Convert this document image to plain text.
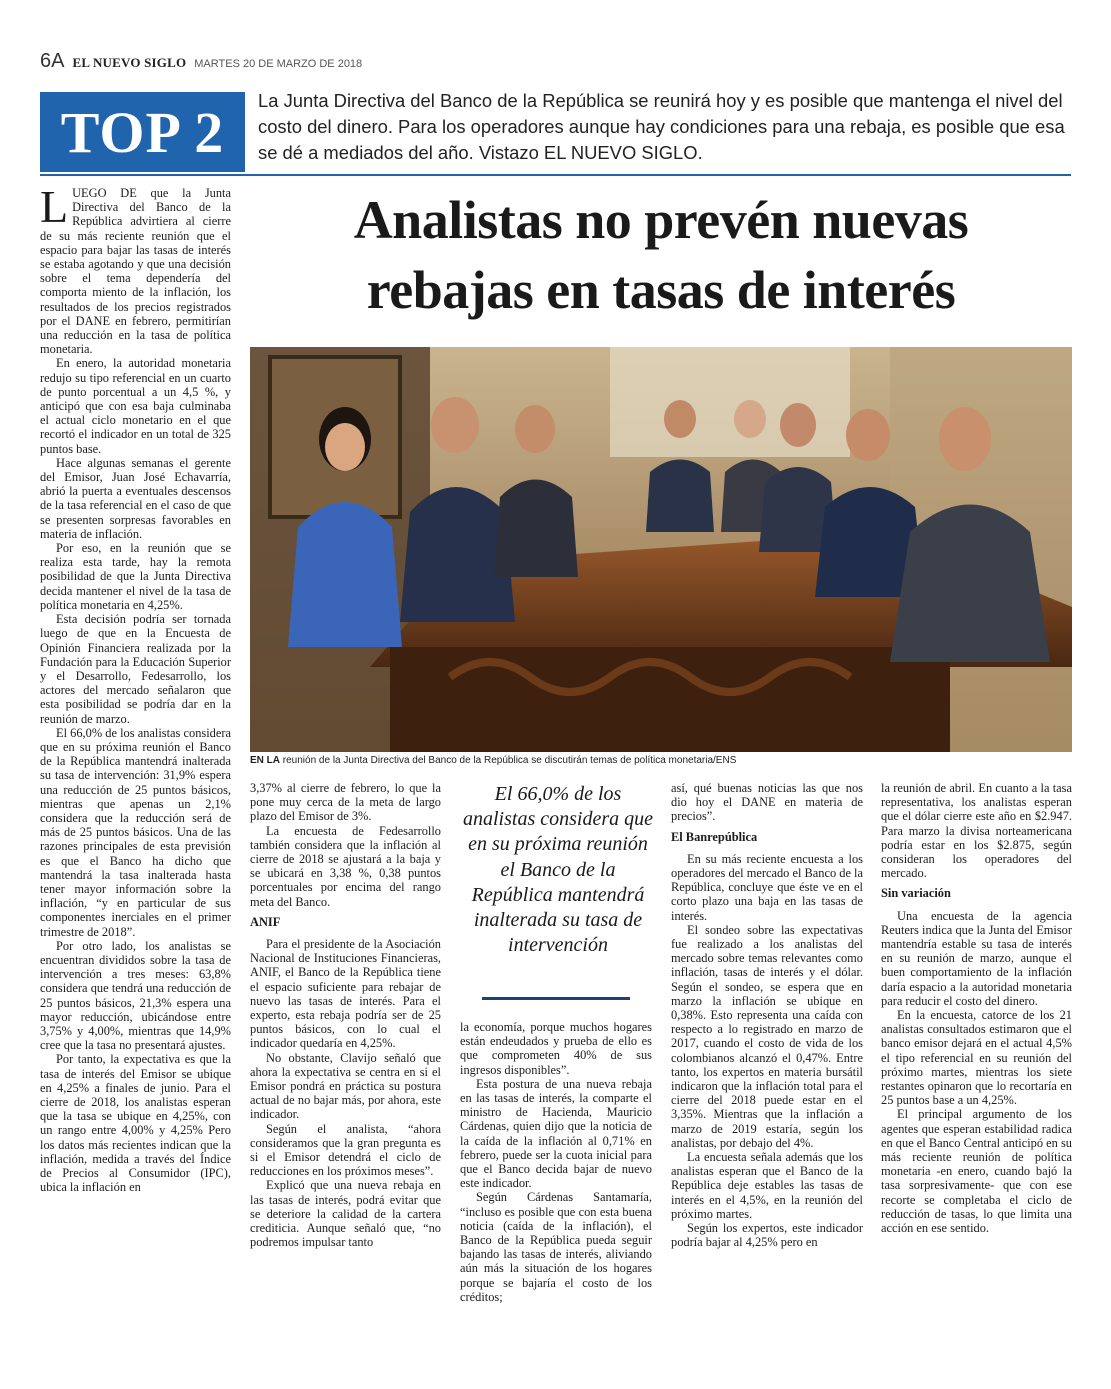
6A EL NUEVO SIGLO MARTES 20 DE MARZO DE 2018
TOP 2 La Junta Directiva del Banco de la República se reunirá hoy y es posible que mantenga el nivel del costo del dinero. Para los operadores aunque hay condiciones para una rebaja, es posible que esa se dé a mediados del año. Vistazo EL NUEVO SIGLO.
Analistas no prevén nuevas
rebajas en tasas de interés
EN LA reunión de la Junta Directiva del Banco de la República se discutirán temas de política monetaria/ENS
L UEGO DE que la Junta Directiva del Banco de la República advirtiera al cierre de su más reciente reunión que el espacio para bajar las tasas de interés se estaba agotando y que una decisión sobre el tema dependería del comporta miento de la inflación, los resultados de los precios registrados por el DANE en febrero, permitirían una reducción en la tasa de política monetaria.

En enero, la autoridad monetaria redujo su tipo referencial en un cuarto de punto porcentual a un 4,5 %, y anticipó que con esa baja culminaba el actual ciclo monetario en el que recortó el indicador en un total de 325 puntos base.

Hace algunas semanas el gerente del Emisor, Juan José Echavarría, abrió la puerta a eventuales descensos de la tasa referencial en el caso de que se presenten sorpresas favorables en materia de inflación.

Por eso, en la reunión que se realiza esta tarde, hay la remota posibilidad de que la Junta Directiva decida mantener el nivel de la tasa de política monetaria en 4,25%.

Esta decisión podría ser tornada luego de que en la Encuesta de Opinión Financiera realizada por la Fundación para la Educación Superior y el Desarrollo, Fedesarrollo, los actores del mercado señalaron que esta posibilidad se podría dar en la reunión de marzo.

El 66,0% de los analistas considera que en su próxima reunión el Banco de la República mantendrá inalterada su tasa de intervención: 31,9% espera una reducción de 25 puntos básicos, mientras que apenas un 2,1% considera que la reducción será de más de 25 puntos básicos. Una de las razones principales de esta previsión es que el Banco ha dicho que mantendrá la tasa inalterada hasta tener mayor información sobre la inflación, “y en particular de sus componentes inerciales en el primer trimestre de 2018”.

Por otro lado, los analistas se encuentran divididos sobre la tasa de intervención a tres meses: 63,8% considera que tendrá una reducción de 25 puntos básicos, 21,3% espera una mayor reducción, ubicándose entre 3,75% y 4,00%, mientras que 14,9% cree que la tasa no presentará ajustes.

Por tanto, la expectativa es que la tasa de interés del Emisor se ubique en 4,25% a finales de junio. Para el cierre de 2018, los analistas esperan que la tasa se ubique en 4,25%, con un rango entre 4,00% y 4,25% Pero los datos más recientes indican que la inflación, medida a través del Índice de Precios al Consumidor (IPC), ubica la inflación en

3,37% al cierre de febrero, lo que la pone muy cerca de la meta de largo plazo del Emisor de 3%.

La encuesta de Fedesarrollo también considera que la inflación al cierre de 2018 se ajustará a la baja y se ubicará en 3,38 %, 0,38 puntos porcentuales por encima del rango meta del Banco.

ANIF

Para el presidente de la Asociación Nacional de Instituciones Financieras, ANIF, el Banco de la República tiene el espacio suficiente para rebajar de nuevo las tasas de interés. Para el experto, esta rebaja podría ser de 25 puntos básicos, con lo cual el indicador quedaría en 4,25%.

No obstante, Clavijo señaló que ahora la expectativa se centra en si el Emisor pondrá en práctica su postura actual de no bajar más, por ahora, este indicador.

Según el analista, “ahora consideramos que la gran pregunta es si el Emisor detendrá el ciclo de reducciones en los próximos meses”.

Explicó que una nueva rebaja en las tasas de interés, podrá evitar que se deteriore la calidad de la cartera crediticia. Aunque señaló que, “no podremos impulsar tanto

El 66,0% de los analistas considera que en su próxima reunión el Banco de la República mantendrá inalterada su tasa de intervención

la economía, porque muchos hogares están endeudados y prueba de ello es que comprometen 40% de sus ingresos disponibles”.

Esta postura de una nueva rebaja en las tasas de interés, la comparte el ministro de Hacienda, Mauricio Cárdenas, quien dijo que la noticia de la caída de la inflación al 0,71% en febrero, puede ser la cuota inicial para que el Banco decida bajar de nuevo este indicador.

Según Cárdenas Santamaría, “incluso es posible que con esta buena noticia (caída de la inflación), el Banco de la República pueda seguir bajando las tasas de interés, aliviando aún más la situación de los hogares porque se bajaría el costo de los créditos;

así, qué buenas noticias las que nos dio hoy el DANE en materia de precios”.

El Banrepública

En su más reciente encuesta a los operadores del mercado el Banco de la República, concluye que éste ve en el corto plazo una baja en las tasas de interés.

El sondeo sobre las expectativas fue realizado a los analistas del mercado sobre temas relevantes como inflación, tasas de interés y el dólar. Según el sondeo, se espera que en marzo la inflación se ubique en 0,38%. Esto representa una caída con respecto a lo registrado en marzo de 2017, cuando el costo de vida de los colombianos alcanzó el 0,47%. Entre tanto, los expertos en materia bursátil indicaron que la inflación total para el cierre del 2018 puede estar en el 3,35%. Mientras que la inflación a marzo de 2019 estaría, según los analistas, por debajo del 4%.

La encuesta señala además que los analistas esperan que el Banco de la República deje estables las tasas de interés en el 4,5%, en la reunión del próximo martes.

Según los expertos, este indicador podría bajar al 4,25% pero en

la reunión de abril. En cuanto a la tasa representativa, los analistas esperan que el dólar cierre este año en $2.947. Para marzo la divisa norteamericana podría estar en los $2.875, según consideran los operadores del mercado.

Sin variación

Una encuesta de la agencia Reuters indica que la Junta del Emisor mantendría estable su tasa de interés en su reunión de marzo, aunque el buen comportamiento de la inflación daría espacio a la autoridad monetaria para reducir el costo del dinero.

En la encuesta, catorce de los 21 analistas consultados estimaron que el banco emisor dejará en el actual 4,5% el tipo referencial en su reunión del próximo martes, mientras los siete restantes opinaron que lo recortaría en 25 puntos base a un 4,25%.

El principal argumento de los agentes que esperan estabilidad radica en que el Banco Central anticipó en su más reciente reunión de política monetaria -en enero, cuando bajó la tasa sorpresivamente- que con ese recorte se completaba el ciclo de reducción de tasas, lo que limita una acción en ese sentido.
